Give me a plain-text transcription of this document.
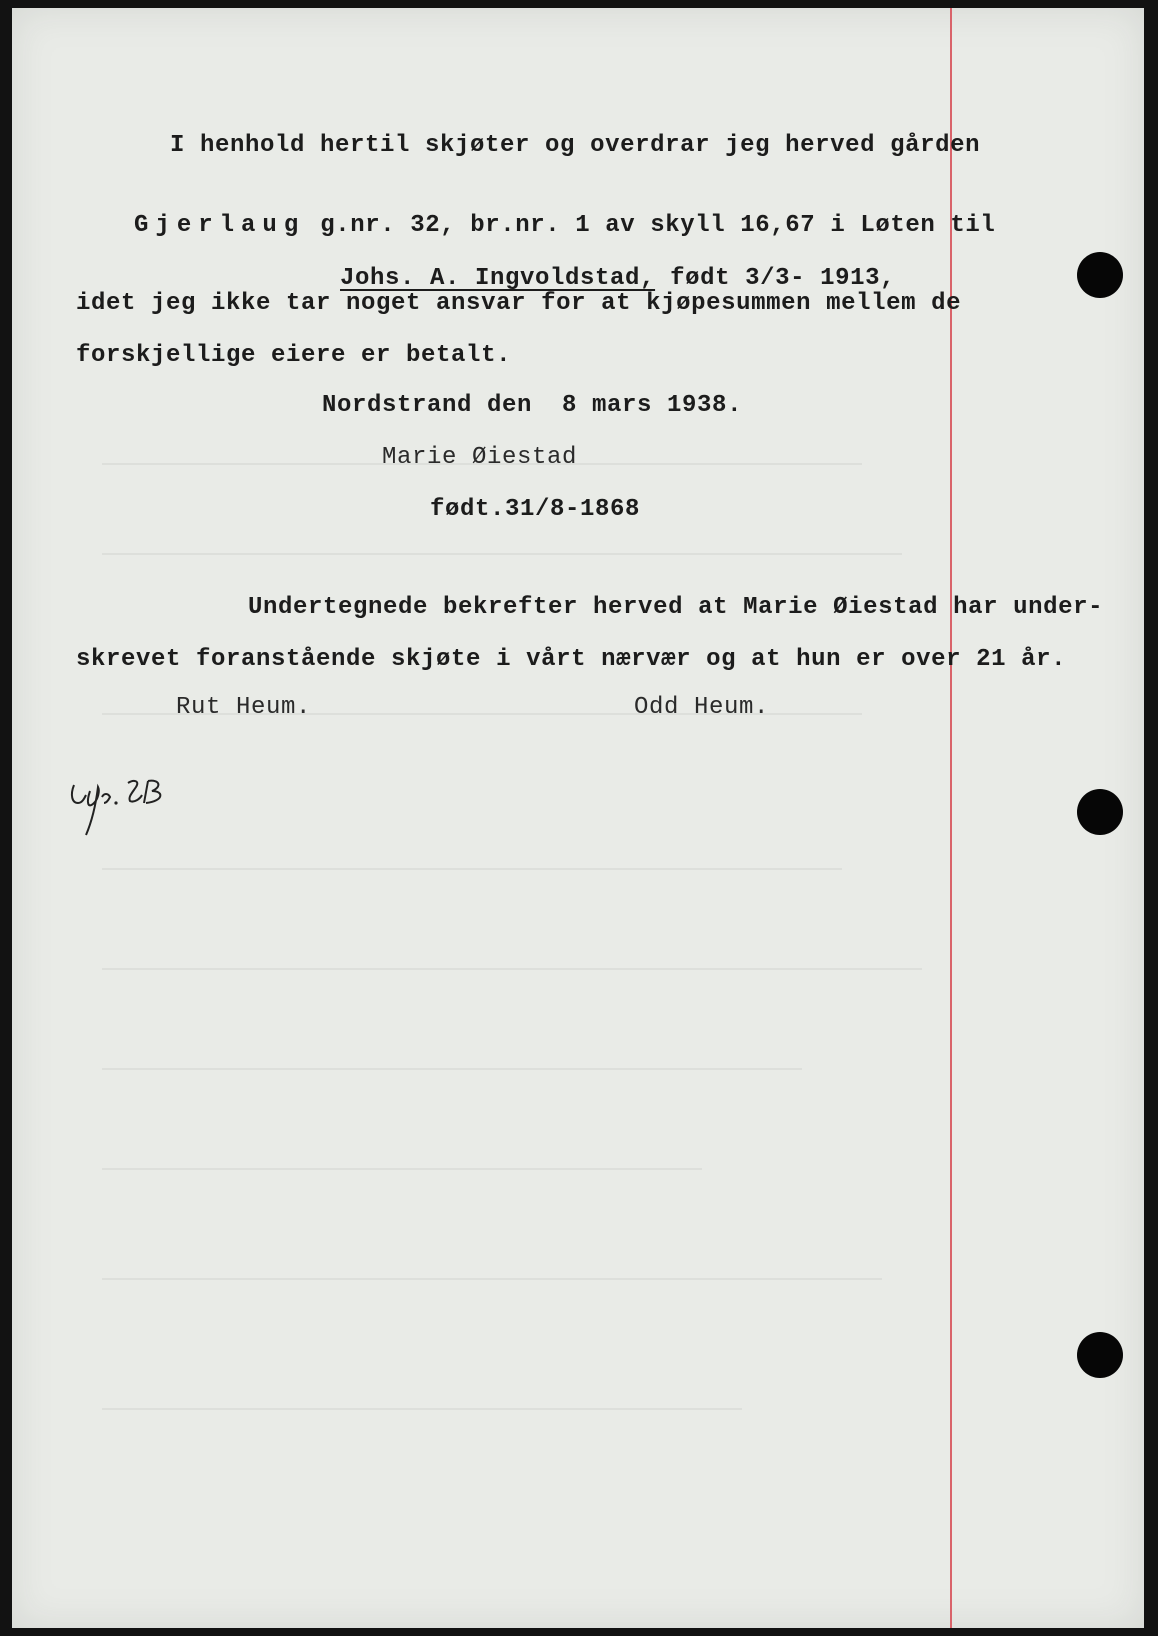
I henhold hertil skjøter og overdrar jeg herved gården

Gjerlaug g.nr. 32, br.nr. 1 av skyll 16,67 i Løten til

Johs. A. Ingvoldstad, født 3/3- 1913,

idet jeg ikke tar noget ansvar for at kjøpesummen mellem de
forskjellige eiere er betalt.
Nordstrand den  8 mars 1938.
Marie Øiestad
født.31/8-1868
Undertegnede bekrefter herved at Marie Øiestad har under-
skrevet foranstående skjøte i vårt nærvær og at hun er over 21 år.
Rut Heum.	Odd Heum.
